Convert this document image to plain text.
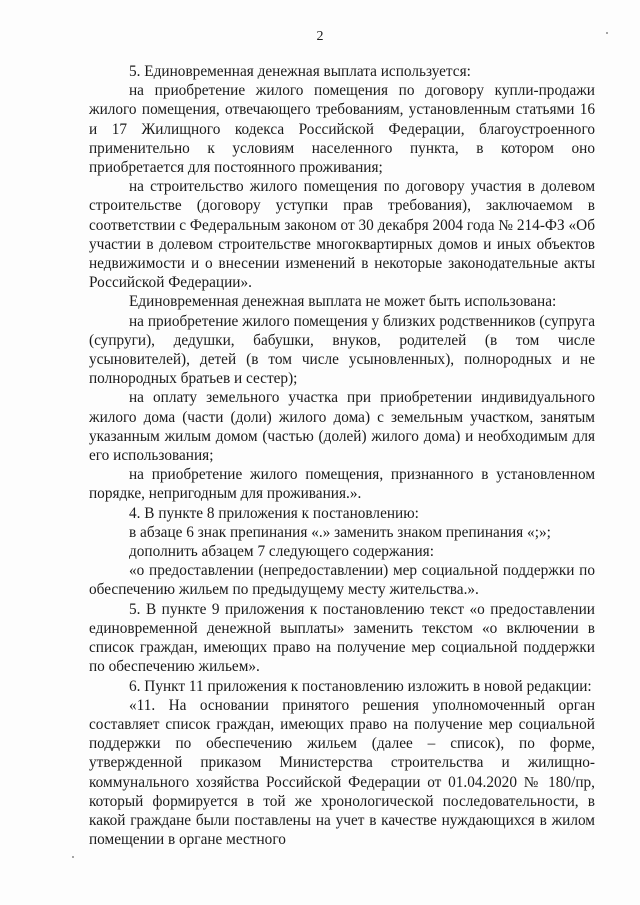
2

5. Единовременная денежная выплата используется:

на приобретение жилого помещения по договору купли-продажи жилого помещения, отвечающего требованиям, установленным статьями 16 и 17 Жилищного кодекса Российской Федерации, благоустроенного применительно к условиям населенного пункта, в котором оно приобретается для постоянного проживания;

на строительство жилого помещения по договору участия в долевом строительстве (договору уступки прав требования), заключаемом в соответствии с Федеральным законом от 30 декабря 2004 года № 214-ФЗ «Об участии в долевом строительстве многоквартирных домов и иных объектов недвижимости и о внесении изменений в некоторые законодательные акты Российской Федерации».

Единовременная денежная выплата не может быть использована:

на приобретение жилого помещения у близких родственников (супруга (супруги), дедушки, бабушки, внуков, родителей (в том числе усыновителей), детей (в том числе усыновленных), полнородных и не полнородных братьев и сестер);

на оплату земельного участка при приобретении индивидуального жилого дома (части (доли) жилого дома) с земельным участком, занятым указанным жилым домом (частью (долей) жилого дома) и необходимым для его использования;

на приобретение жилого помещения, признанного в установленном порядке, непригодным для проживания.».

4. В пункте 8 приложения к постановлению:

в абзаце 6 знак препинания «.» заменить знаком препинания «;»;

дополнить абзацем 7 следующего содержания:

«о предоставлении (непредоставлении) мер социальной поддержки по обеспечению жильем по предыдущему месту жительства.».

5. В пункте 9 приложения к постановлению текст «о предоставлении единовременной денежной выплаты» заменить текстом «о включении в список граждан, имеющих право на получение мер социальной поддержки по обеспечению жильем».

6. Пункт 11 приложения к постановлению изложить в новой редакции:

«11. На основании принятого решения уполномоченный орган составляет список граждан, имеющих право на получение мер социальной поддержки по обеспечению жильем (далее – список), по форме, утвержденной приказом Министерства строительства и жилищно-коммунального хозяйства Российской Федерации от 01.04.2020 № 180/пр, который формируется в той же хронологической последовательности, в какой граждане были поставлены на учет в качестве нуждающихся в жилом помещении в органе местного
